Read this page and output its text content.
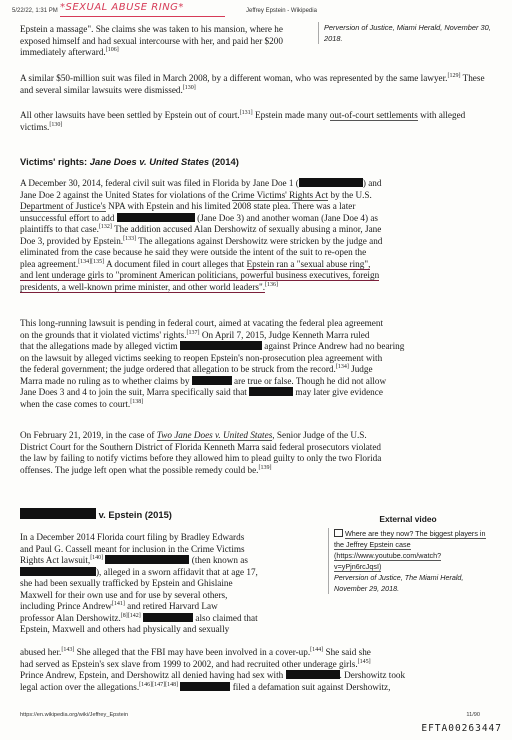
5/22/22, 1:31 PM *SEXUAL ABUSE RING*	Jeffrey Epstein - Wikipedia

Epstein a massage". She claims she was taken to his mansion, where he exposed himself and had sexual intercourse with her, and paid her $200 immediately afterward.[106]

Perversion of Justice, Miami Herald, November 30, 2018.

A similar $50-million suit was filed in March 2008, by a different woman, who was represented by the same lawyer.[129] These and several similar lawsuits were dismissed.[130]

All other lawsuits have been settled by Epstein out of court.[131] Epstein made many out-of-court settlements with alleged victims.[130]

Victims' rights: Jane Does v. United States (2014)

A December 30, 2014, federal civil suit was filed in Florida by Jane Doe 1 (	) and
Jane Doe 2 against the United States for violations of the Crime Victims' Rights Act by the U.S.
Department of Justice's NPA with Epstein and his limited 2008 state plea. There was a later
unsuccessful effort to add	(Jane Doe 3) and another woman (Jane Doe 4) as
plaintiffs to that case.[132] The addition accused Alan Dershowitz of sexually abusing a minor, Jane
Doe 3, provided by Epstein.[133] The allegations against Dershowitz were stricken by the judge and
eliminated from the case because he said they were outside the intent of the suit to re-open the
plea agreement.[134][135] A document filed in court alleges that Epstein ran a "sexual abuse ring",
and lent underage girls to "prominent American politicians, powerful business executives, foreign
presidents, a well-known prime minister, and other world leaders".[136]

This long-running lawsuit is pending in federal court, aimed at vacating the federal plea agreement
on the grounds that it violated victims' rights.[137] On April 7, 2015, Judge Kenneth Marra ruled
that the allegations made by alleged victim	against Prince Andrew had no bearing
on the lawsuit by alleged victims seeking to reopen Epstein's non-prosecution plea agreement with
the federal government; the judge ordered that allegation to be struck from the record.[134] Judge
Marra made no ruling as to whether claims by	are true or false. Though he did not allow
Jane Does 3 and 4 to join the suit, Marra specifically said that	may later give evidence
when the case comes to court.[138]

On February 21, 2019, in the case of Two Jane Does v. United States, Senior Judge of the U.S.
District Court for the Southern District of Florida Kenneth Marra said federal prosecutors violated
the law by failing to notify victims before they allowed him to plead guilty to only the two Florida
offenses. The judge left open what the possible remedy could be.[139]

v. Epstein (2015)

In a December 2014 Florida court filing by Bradley Edwards
and Paul G. Cassell meant for inclusion in the Crime Victims
Rights Act lawsuit,[140]	(then known as
), alleged in a sworn affidavit that at age 17,
she had been sexually trafficked by Epstein and Ghislaine
Maxwell for their own use and for use by several others,
including Prince Andrew[141] and retired Harvard Law
professor Alan Dershowitz.[8][142]	also claimed that
Epstein, Maxwell and others had physically and sexually

abused her.[143] She alleged that the FBI may have been involved in a cover-up.[144] She said she
had served as Epstein's sex slave from 1999 to 2002, and had recruited other underage girls.[145]
Prince Andrew, Epstein, and Dershowitz all denied having had sex with	. Dershowitz took
legal action over the allegations.[146][147][148]	filed a defamation suit against Dershowitz,

External video
Where are they now? The biggest players in the Jeffrey Epstein case (https://www.youtube.com/watch?v=yPjn6rcJqsI)
Perversion of Justice, The Miami Herald, November 29, 2018.
https://en.wikipedia.org/wiki/Jeffrey_Epstein	11/90
EFTA00263447
